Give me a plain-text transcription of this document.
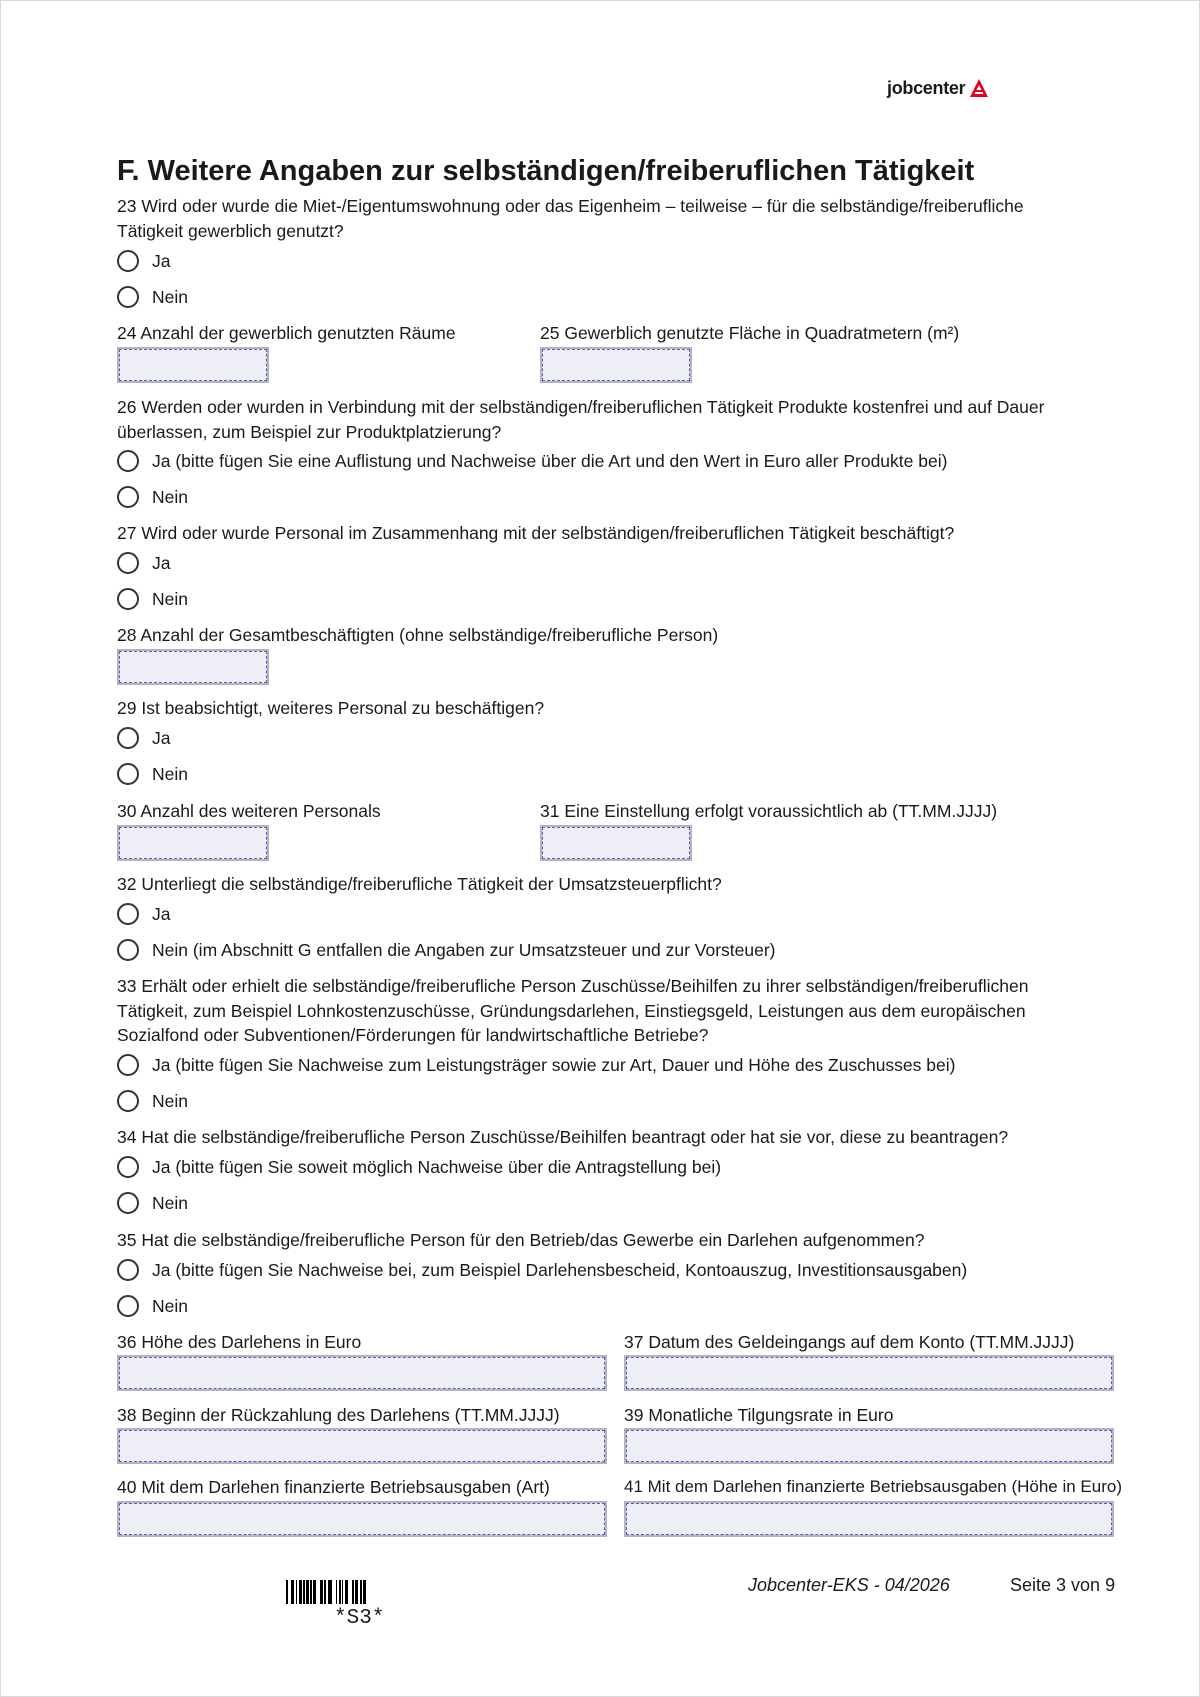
jobcenter
F. Weitere Angaben zur selbständigen/freiberuflichen Tätigkeit
23 Wird oder wurde die Miet-/Eigentumswohnung oder das Eigenheim – teilweise – für die selbständige/freiberufliche
Tätigkeit gewerblich genutzt?
Ja
Nein
24 Anzahl der gewerblich genutzten Räume	25 Gewerblich genutzte Fläche in Quadratmetern (m²)
26 Werden oder wurden in Verbindung mit der selbständigen/freiberuflichen Tätigkeit Produkte kostenfrei und auf Dauer
überlassen, zum Beispiel zur Produktplatzierung?
Ja (bitte fügen Sie eine Auflistung und Nachweise über die Art und den Wert in Euro aller Produkte bei)
Nein
27 Wird oder wurde Personal im Zusammenhang mit der selbständigen/freiberuflichen Tätigkeit beschäftigt?
Ja
Nein
28 Anzahl der Gesamtbeschäftigten (ohne selbständige/freiberufliche Person)
29 Ist beabsichtigt, weiteres Personal zu beschäftigen?
Ja
Nein
30 Anzahl des weiteren Personals	31 Eine Einstellung erfolgt voraussichtlich ab (TT.MM.JJJJ)
32 Unterliegt die selbständige/freiberufliche Tätigkeit der Umsatzsteuerpflicht?
Ja
Nein (im Abschnitt G entfallen die Angaben zur Umsatzsteuer und zur Vorsteuer)
33 Erhält oder erhielt die selbständige/freiberufliche Person Zuschüsse/Beihilfen zu ihrer selbständigen/freiberuflichen
Tätigkeit, zum Beispiel Lohnkostenzuschüsse, Gründungsdarlehen, Einstiegsgeld, Leistungen aus dem europäischen
Sozialfond oder Subventionen/Förderungen für landwirtschaftliche Betriebe?
Ja (bitte fügen Sie Nachweise zum Leistungsträger sowie zur Art, Dauer und Höhe des Zuschusses bei)
Nein
34 Hat die selbständige/freiberufliche Person Zuschüsse/Beihilfen beantragt oder hat sie vor, diese zu beantragen?
Ja (bitte fügen Sie soweit möglich Nachweise über die Antragstellung bei)
Nein
35 Hat die selbständige/freiberufliche Person für den Betrieb/das Gewerbe ein Darlehen aufgenommen?
Ja (bitte fügen Sie Nachweise bei, zum Beispiel Darlehensbescheid, Kontoauszug, Investitionsausgaben)
Nein
36 Höhe des Darlehens in Euro	37 Datum des Geldeingangs auf dem Konto (TT.MM.JJJJ)
38 Beginn der Rückzahlung des Darlehens (TT.MM.JJJJ)	39 Monatliche Tilgungsrate in Euro
40 Mit dem Darlehen finanzierte Betriebsausgaben (Art)	41 Mit dem Darlehen finanzierte Betriebsausgaben (Höhe in Euro)
*S3*
Jobcenter-EKS - 04/2026	Seite 3 von 9
